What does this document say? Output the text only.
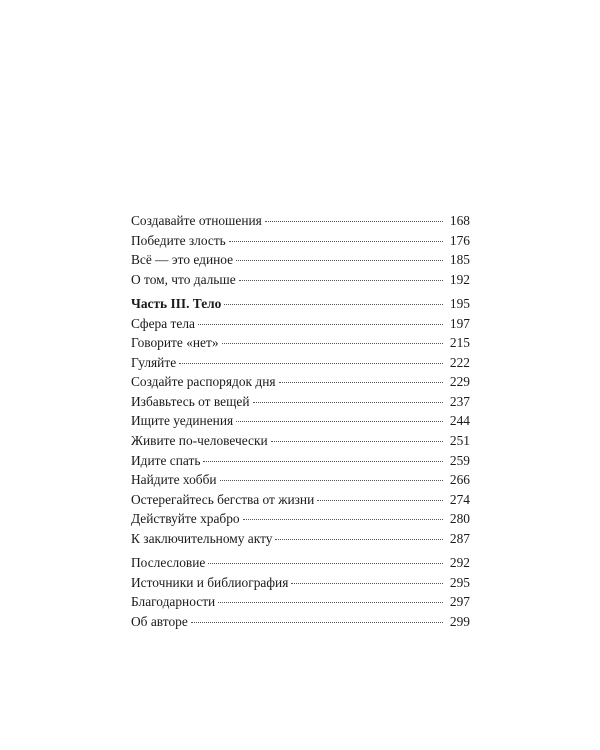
Создавайте отношения	168
Победите злость	176
Всё — это единое	185
О том, что дальше	192
Часть III. Тело	195
Сфера тела	197
Говорите «нет»	215
Гуляйте	222
Создайте распорядок дня	229
Избавьтесь от вещей	237
Ищите уединения	244
Живите по-человечески	251
Идите спать	259
Найдите хобби	266
Остерегайтесь бегства от жизни	274
Действуйте храбро	280
К заключительному акту	287
Послесловие	292
Источники и библиография	295
Благодарности	297
Об авторе	299
